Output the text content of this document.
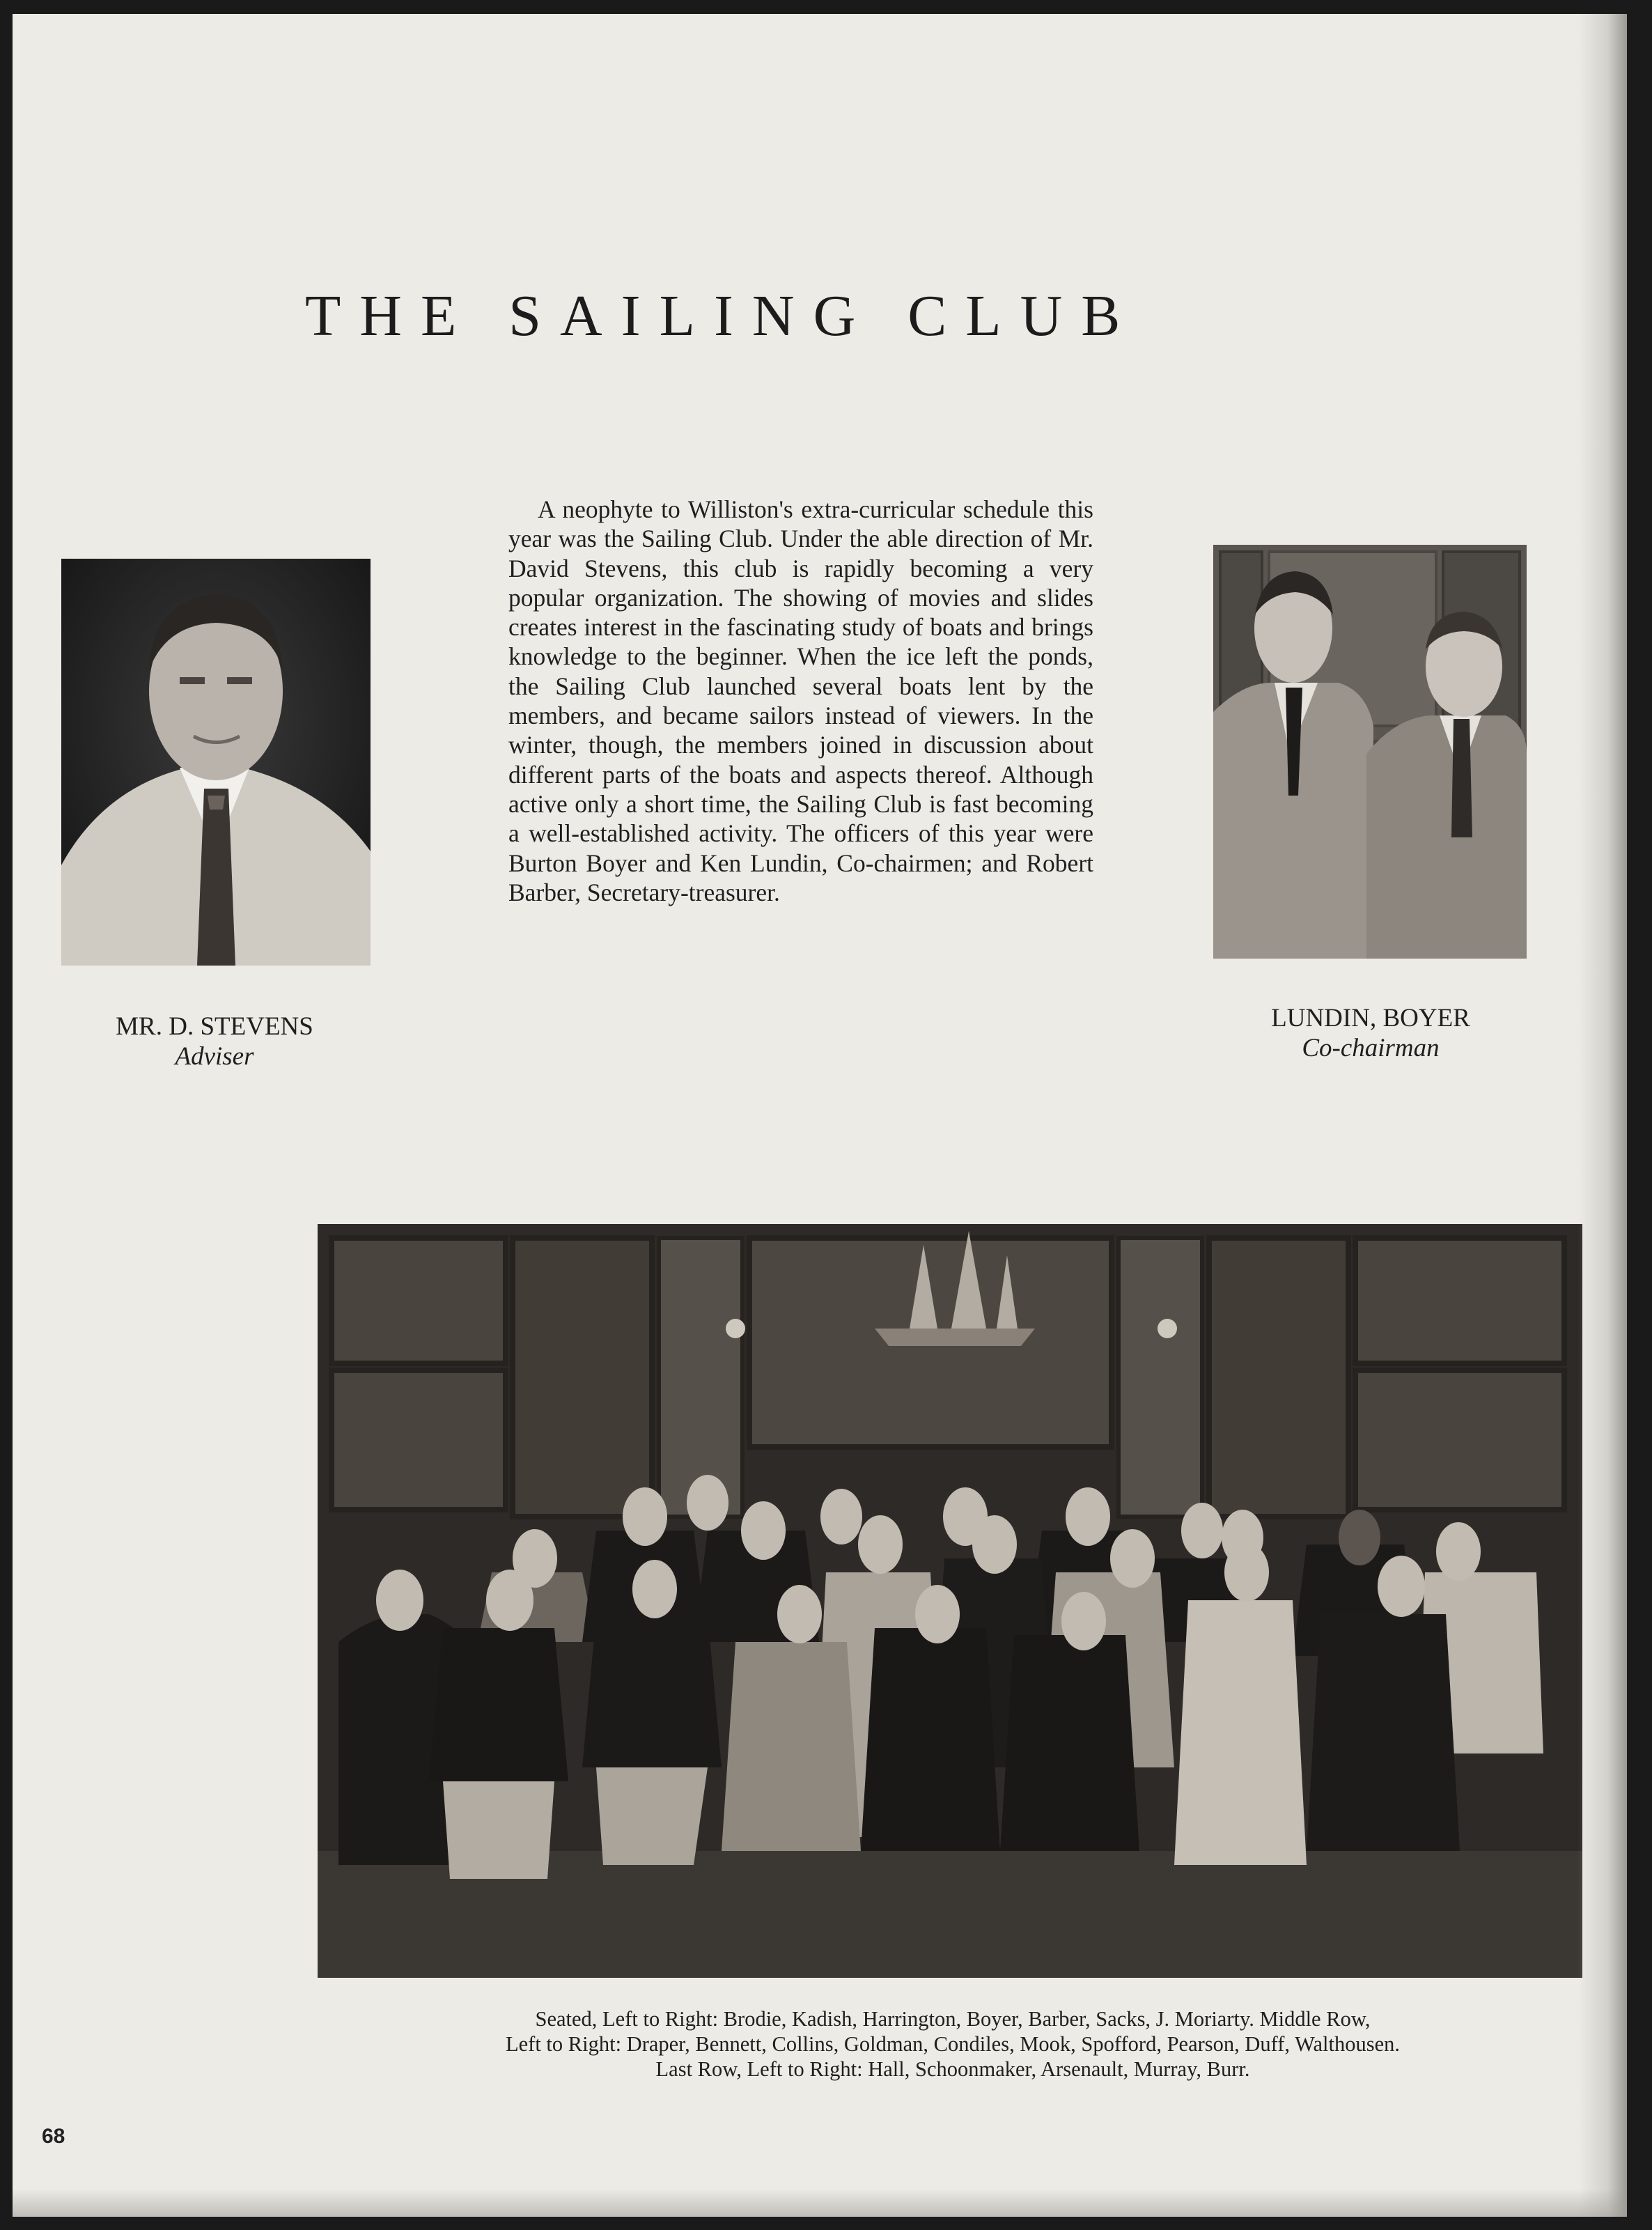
THE SAILING CLUB
MR. D. STEVENS
Adviser
A neophyte to Williston's extra-curricular schedule this year was the Sailing Club. Under the able direction of Mr. David Stevens, this club is rapidly becoming a very popular organization. The showing of movies and slides creates interest in the fascinating study of boats and brings knowledge to the beginner. When the ice left the ponds, the Sailing Club launched several boats lent by the members, and became sailors instead of viewers. In the winter, though, the members joined in discussion about different parts of the boats and aspects thereof. Although active only a short time, the Sailing Club is fast becoming a well-established activity. The officers of this year were Burton Boyer and Ken Lundin, Co-chairmen; and Robert Barber, Secretary-treasurer.
LUNDIN, BOYER
Co-chairman
Seated, Left to Right: Brodie, Kadish, Harrington, Boyer, Barber, Sacks, J. Moriarty. Middle Row,
Left to Right: Draper, Bennett, Collins, Goldman, Condiles, Mook, Spofford, Pearson, Duff, Walthousen.
Last Row, Left to Right: Hall, Schoonmaker, Arsenault, Murray, Burr.
68
